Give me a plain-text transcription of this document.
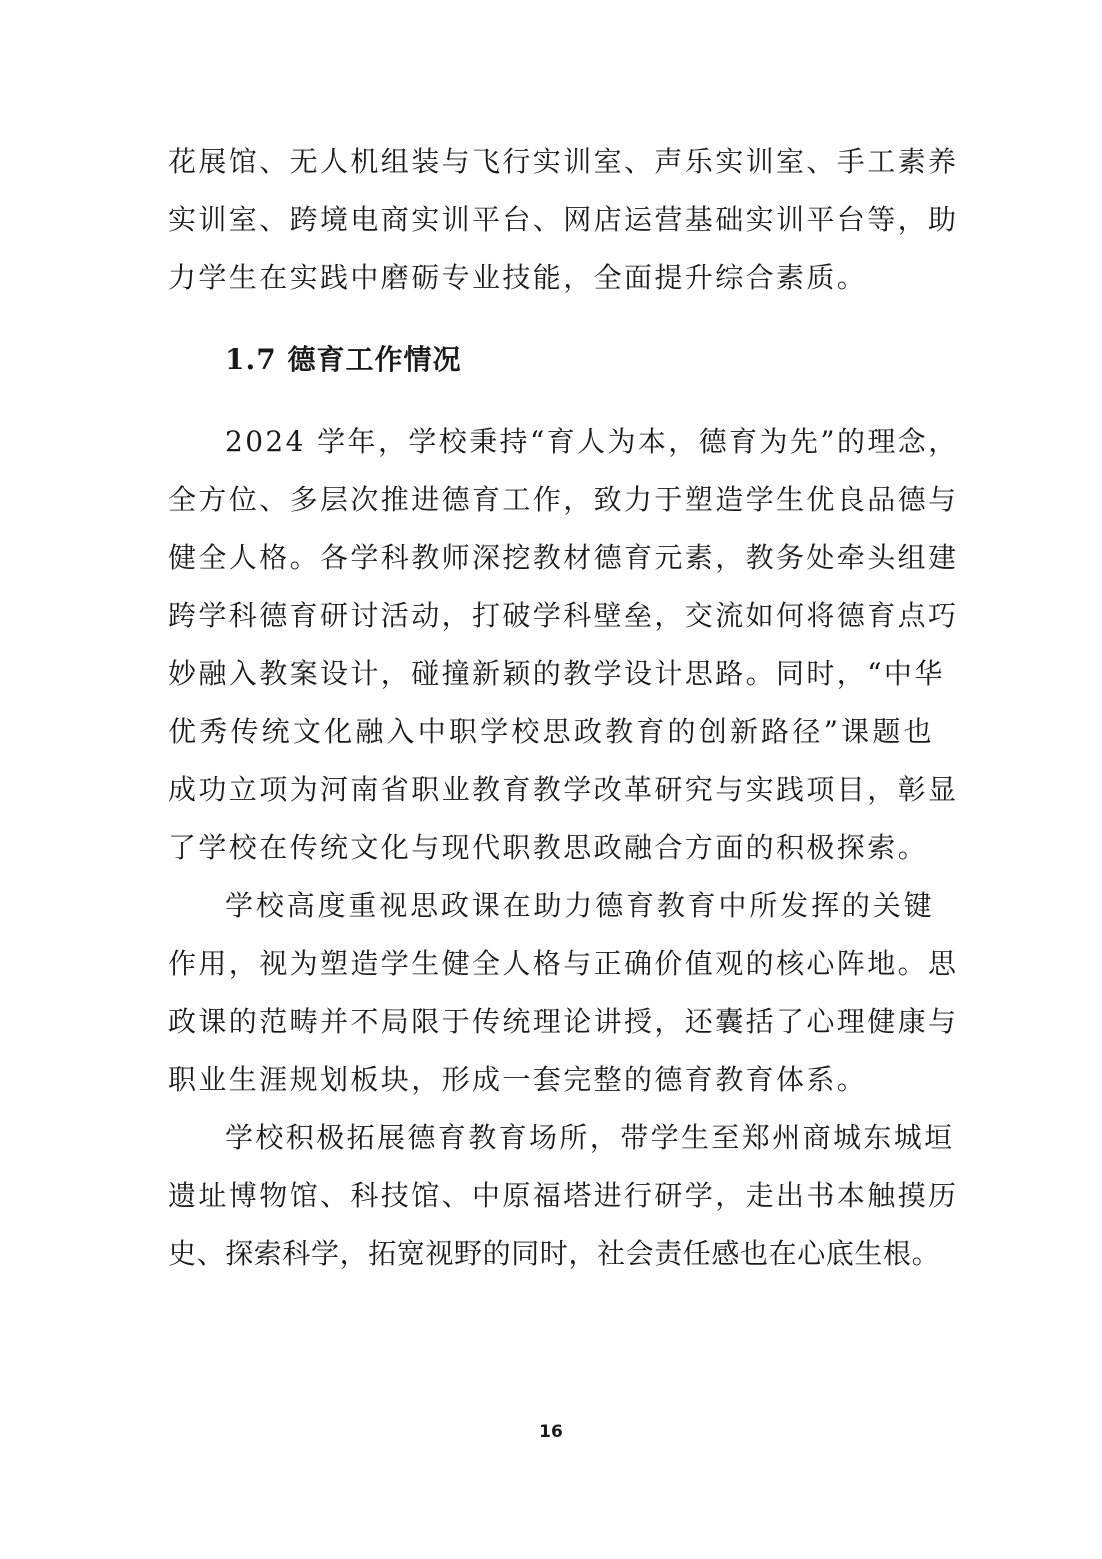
花展馆、无人机组装与飞行实训室、声乐实训室、手工素养
实训室、跨境电商实训平台、网店运营基础实训平台等，助
力学生在实践中磨砺专业技能，全面提升综合素质。
1.7 德育工作情况
2024 学年，学校秉持“育人为本，德育为先”的理念，
全方位、多层次推进德育工作，致力于塑造学生优良品德与
健全人格。各学科教师深挖教材德育元素，教务处牵头组建
跨学科德育研讨活动，打破学科壁垒，交流如何将德育点巧
妙融入教案设计，碰撞新颖的教学设计思路。同时，“中华
优秀传统文化融入中职学校思政教育的创新路径”课题也
成功立项为河南省职业教育教学改革研究与实践项目，彰显
了学校在传统文化与现代职教思政融合方面的积极探索。
学校高度重视思政课在助力德育教育中所发挥的关键
作用，视为塑造学生健全人格与正确价值观的核心阵地。思
政课的范畴并不局限于传统理论讲授，还囊括了心理健康与
职业生涯规划板块，形成一套完整的德育教育体系。
学校积极拓展德育教育场所，带学生至郑州商城东城垣
遗址博物馆、科技馆、中原福塔进行研学，走出书本触摸历
史、探索科学，拓宽视野的同时，社会责任感也在心底生根。
16
